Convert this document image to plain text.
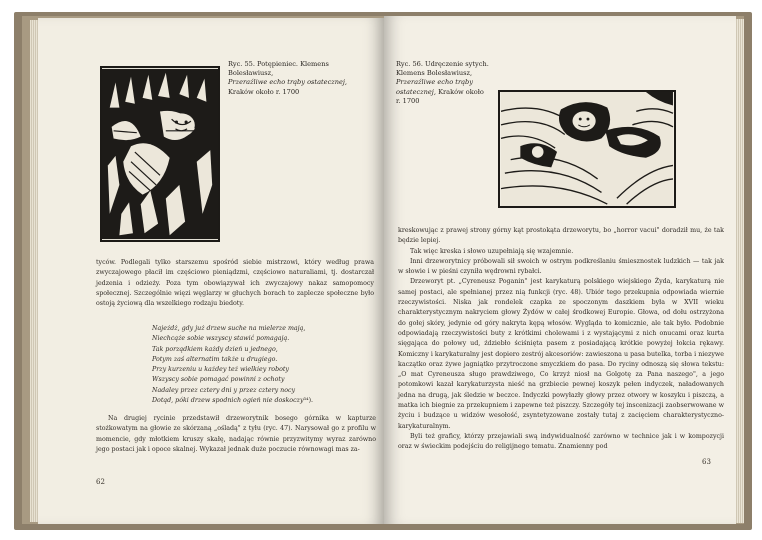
Ryc. 55. Potępieniec. Klemens Bolesławiusz,
Przeraźliwe echo trąby ostatecznej,
Kraków około r. 1700

tyców. Podlegali tylko starszemu spośród siebie mistrzowi, który według prawa zwyczajowego płacił im częściowo pieniądzmi, częściowo naturaliami, tj. dostarczał jedzenia i odzieży. Poza tym obowiązywał ich zwyczajowy nakaz samopomocy społecznej. Szczególnie więzi węglarzy w głuchych borach to zaplecze społeczne było ostoją życiową dla wszelkiego rodzaju biedoty.

Najeżdż, gdy już drzew suche na mielerze mają,
Niechcąże sobie wszyscy stawić pomagają.
Tak porządkiem każdy dzień u jednego,
Potym zaś alternatim także u drugiego.
Przy kurzeniu u każdey też wielkiey roboty
Wszyscy sobie pomagać powinni z ochoty
Nadaley przez cztery dni y przez cztery nocy
Dotąd, póki drzew spodnich ogień nie doskoczy³⁴).

Na drugiej rycinie przedstawił drzeworytnik bosego górnika w kapturze stożkowatym na głowie ze skórzaną „ośladą" z tyłu (ryc. 47). Narysował go z profilu w momencie, gdy młotkiem kruszy skałę, nadając równie przyzwitymy wyraz zarówno jego postaci jak i opoce skalnej. Wykazał jednak duże poczucie równowagi mas za-

62
Ryc. 56. Udręczenie sytych.
Klemens Bolesławiusz,
Przeraźliwe echo trąby
ostatecznej, Kraków około
r. 1700

kreskowując z prawej strony górny kąt prostokąta drzeworytu, bo „horror vacui" doradził mu, że tak będzie lepiej.

Tak więc kreska i słowo uzupełniają się wzajemnie.

Inni drzeworytnicy próbowali sił swoich w ostrym podkreślaniu śmiesznostek ludzkich — tak jak w słowie i w pieśni czyniła wędrowni rybałci.

Drzeworyt pt. „Cyreneusz Poganin" jest karykaturą polskiego wiejskiego Żyda, karykaturą nie samej postaci, ale spełnianej przez nią funkcji (ryc. 48). Ubiór tego przekupnia odpowiada wiernie rzeczywistości. Niska jak rondelek czapka ze spoczonym daszkiem była w XVII wieku charakterystycznym nakryciem głowy Żydów w całej środkowej Europie. Głowa, od dołu ostrzyżona do gołej skóry, jedynie od góry nakryta kępą włosów. Wygląda to komicznie, ale tak było. Podobnie odpowiadają rzeczywistości buty z krótkimi cholewami i z wystającymi z nich onucami oraz kurta sięgająca do połowy ud, ździebło ściśnięta pasem z posiadającą krótkie powyżej łokcia rękawy. Komiczny i karykaturalny jest dopiero zestrój akcesoriów: zawieszona u pasa butelka, torba i niezywe kaczątko oraz żywe jagniątko przytroczone smyczkiem do pasa. Do ryciny odnoszą się słowa tekstu: „O mat Cyreneusza sługo prawdziwego, Co krzyż niosł na Golgotę za Pana naszego", a jego potomkowi kazał karykaturzysta nieść na grzbiecie pewnej koszyk pełen indyczek, naładowanych jedna na drugą, jak śledzie w beczce. Indyczki powyłazły głowy przez otwory w koszyku i piszczą, a matka ich biegnie za przekupniem i zapewne też piszczy. Szczegóły tej inscenizacji zaobserwowane w życiu i budzące u widzów wesołość, zsyntetyzowane zostały tutaj z zacięciem charakterystyczno-karykaturalnym.

Byli też graficy, którzy przejawiali swą indywidualność zarówno w technice jak i w kompozycji oraz w świeckim podejściu do religijnego tematu. Znamienny pod

63
